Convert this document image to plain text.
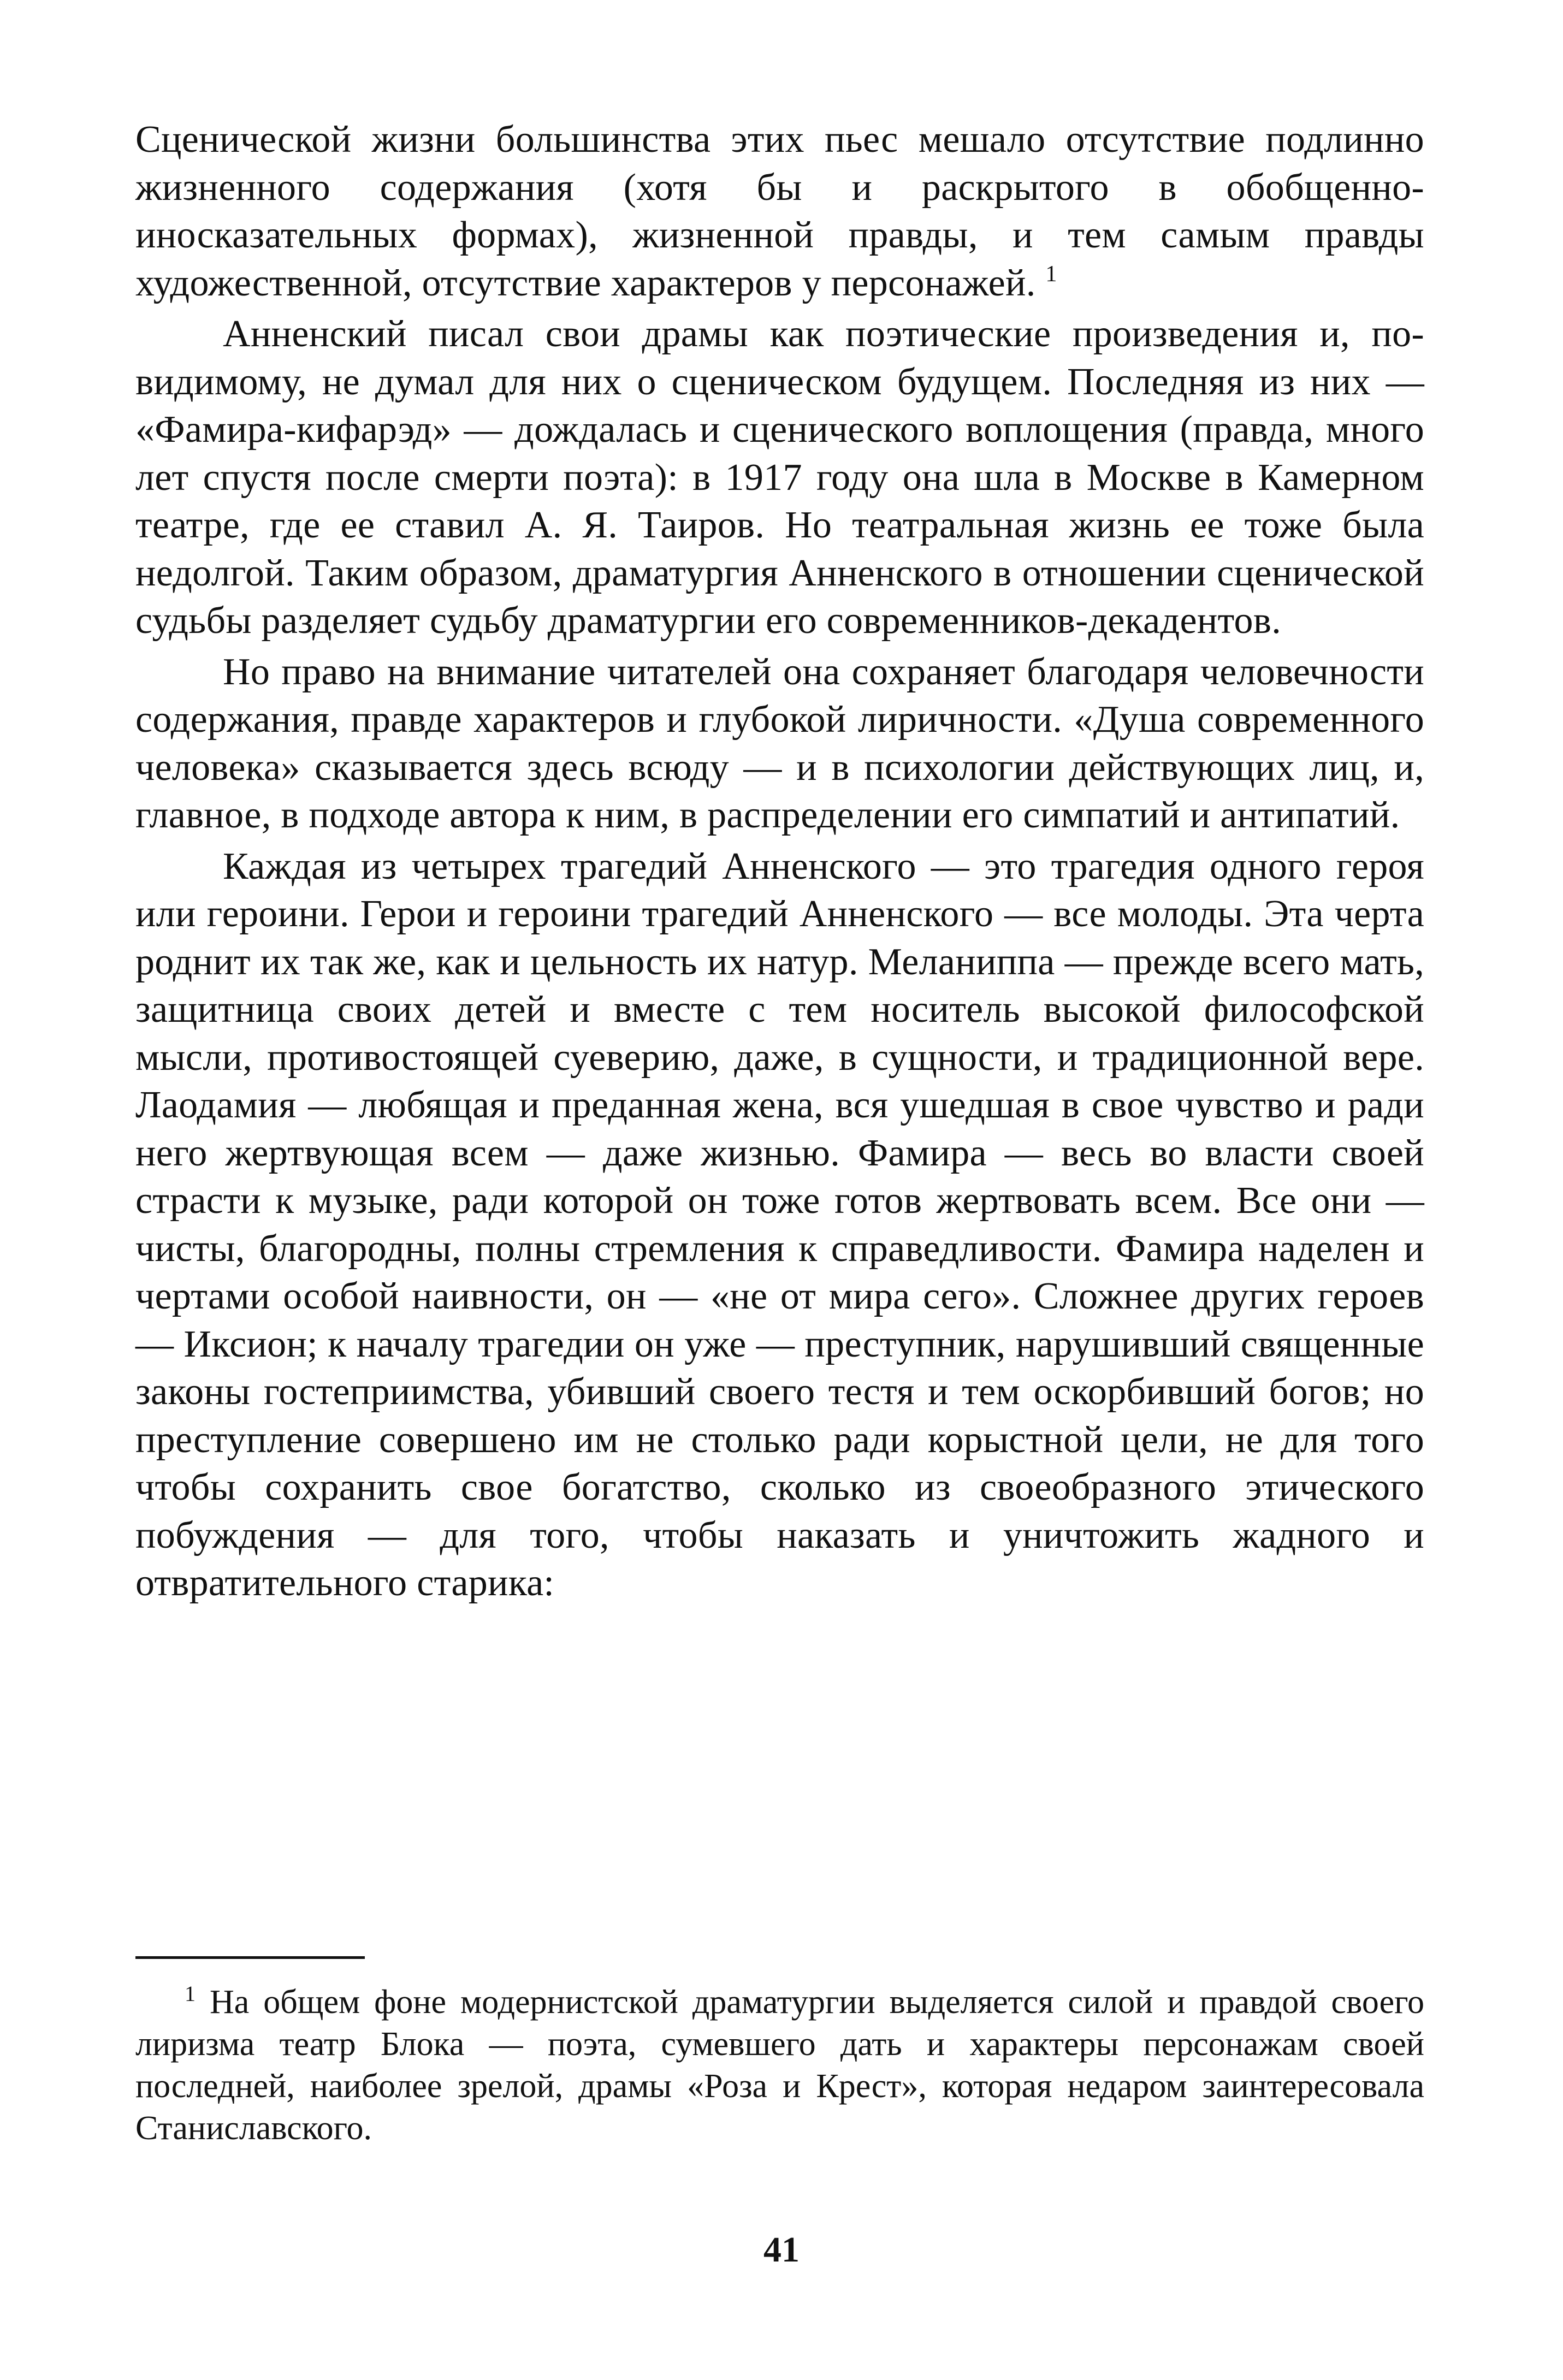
Сценической жизни большинства этих пьес мешало отсутствие подлинно жизненного содержания (хотя бы и раскрытого в обобщенно-иносказательных формах), жизненной правды, и тем самым правды художественной, отсутствие характеров у персонажей. $^1$

Анненский писал свои драмы как поэтические произведения и, по-видимому, не думал для них о сценическом будущем. Последняя из них — «Фамира-кифарэд» — дождалась и сценического воплощения (правда, много лет спустя после смерти поэта): в 1917 году она шла в Москве в Камерном театре, где ее ставил А. Я. Таиров. Но театральная жизнь ее тоже была недолгой. Таким образом, драматургия Анненского в отношении сценической судьбы разделяет судьбу драматургии его современников-декадентов.

Но право на внимание читателей она сохраняет благодаря человечности содержания, правде характеров и глубокой лиричности. «Душа современного человека» сказывается здесь всюду — и в психологии действующих лиц, и, главное, в подходе автора к ним, в распределении его симпатий и антипатий.

Каждая из четырех трагедий Анненского — это трагедия одного героя или героини. Герои и героини трагедий Анненского — все молоды. Эта черта роднит их так же, как и цельность их натур. Меланиппа — прежде всего мать, защитница своих детей и вместе с тем носитель высокой философской мысли, противостоящей суеверию, даже, в сущности, и традиционной вере. Лаодамия — любящая и преданная жена, вся ушедшая в свое чувство и ради него жертвующая всем — даже жизнью. Фамира — весь во власти своей страсти к музыке, ради которой он тоже готов жертвовать всем. Все они — чисты, благородны, полны стремления к справедливости. Фамира наделен и чертами особой наивности, он — «не от мира сего». Сложнее других героев — Иксион; к началу трагедии он уже — преступник, нарушивший священные законы гостеприимства, убивший своего тестя и тем оскорбивший богов; но преступление совершено им не столько ради корыстной цели, не для того чтобы сохранить свое богатство, сколько из своеобразного этического побуждения — для того, чтобы наказать и уничтожить жадного и отвратительного старика:

$^1$ На общем фоне модернистской драматургии выделяется силой и правдой своего лиризма театр Блока — поэта, сумевшего дать и характеры персонажам своей последней, наиболее зрелой, драмы «Роза и Крест», которая недаром заинтересовала Станиславского.

41
